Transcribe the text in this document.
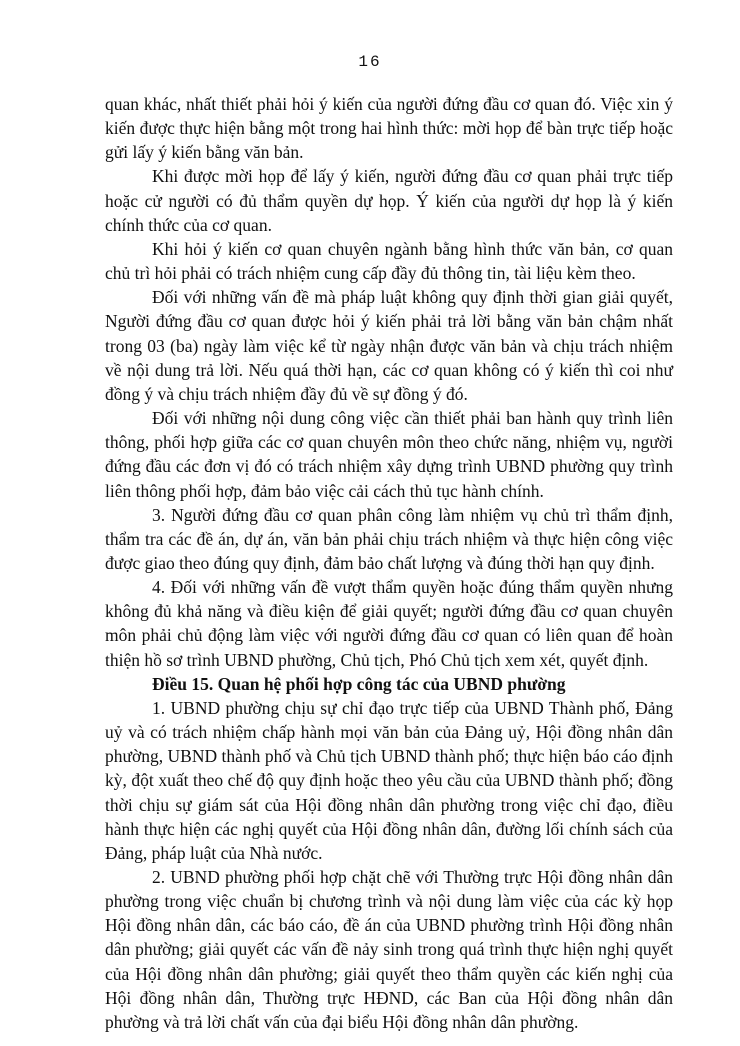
16

quan khác, nhất thiết phải hỏi ý kiến của người đứng đầu cơ quan đó. Việc xin ý kiến được thực hiện bằng một trong hai hình thức: mời họp để bàn trực tiếp hoặc gửi lấy ý kiến bằng văn bản.

Khi được mời họp để lấy ý kiến, người đứng đầu cơ quan phải trực tiếp hoặc cử người có đủ thẩm quyền dự họp. Ý kiến của người dự họp là ý kiến chính thức của cơ quan.

Khi hỏi ý kiến cơ quan chuyên ngành bằng hình thức văn bản, cơ quan chủ trì hỏi phải có trách nhiệm cung cấp đầy đủ thông tin, tài liệu kèm theo.

Đối với những vấn đề mà pháp luật không quy định thời gian giải quyết, Người đứng đầu cơ quan được hỏi ý kiến phải trả lời bằng văn bản chậm nhất trong 03 (ba) ngày làm việc kể từ ngày nhận được văn bản và chịu trách nhiệm về nội dung trả lời. Nếu quá thời hạn, các cơ quan không có ý kiến thì coi như đồng ý và chịu trách nhiệm đầy đủ về sự đồng ý đó.

Đối với những nội dung công việc cần thiết phải ban hành quy trình liên thông, phối hợp giữa các cơ quan chuyên môn theo chức năng, nhiệm vụ, người đứng đầu các đơn vị đó có trách nhiệm xây dựng trình UBND phường quy trình liên thông phối hợp, đảm bảo việc cải cách thủ tục hành chính.

3. Người đứng đầu cơ quan phân công làm nhiệm vụ chủ trì thẩm định, thẩm tra các đề án, dự án, văn bản phải chịu trách nhiệm và thực hiện công việc được giao theo đúng quy định, đảm bảo chất lượng và đúng thời hạn quy định.

4. Đối với những vấn đề vượt thẩm quyền hoặc đúng thẩm quyền nhưng không đủ khả năng và điều kiện để giải quyết; người đứng đầu cơ quan chuyên môn phải chủ động làm việc với người đứng đầu cơ quan có liên quan để hoàn thiện hồ sơ trình UBND phường, Chủ tịch, Phó Chủ tịch xem xét, quyết định.

Điều 15. Quan hệ phối hợp công tác của UBND phường

1. UBND phường chịu sự chỉ đạo trực tiếp của UBND Thành phố, Đảng uỷ và có trách nhiệm chấp hành mọi văn bản của Đảng uỷ, Hội đồng nhân dân phường, UBND thành phố và Chủ tịch UBND thành phố; thực hiện báo cáo định kỳ, đột xuất theo chế độ quy định hoặc theo yêu cầu của UBND thành phố; đồng thời chịu sự giám sát của Hội đồng nhân dân phường trong việc chỉ đạo, điều hành thực hiện các nghị quyết của Hội đồng nhân dân, đường lối chính sách của Đảng, pháp luật của Nhà nước.

2. UBND phường phối hợp chặt chẽ với Thường trực Hội đồng nhân dân phường trong việc chuẩn bị chương trình và nội dung làm việc của các kỳ họp Hội đồng nhân dân, các báo cáo, đề án của UBND phường trình Hội đồng nhân dân phường; giải quyết các vấn đề nảy sinh trong quá trình thực hiện nghị quyết của Hội đồng nhân dân phường; giải quyết theo thẩm quyền các kiến nghị của Hội đồng nhân dân, Thường trực HĐND, các Ban của Hội đồng nhân dân phường và trả lời chất vấn của đại biểu Hội đồng nhân dân phường.
